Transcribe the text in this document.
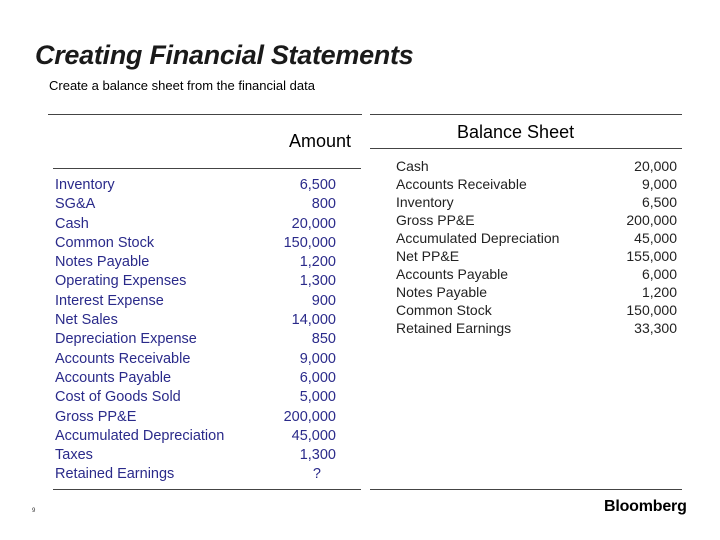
Creating Financial Statements
Create a balance sheet from the financial data
Amount	Balance Sheet
Inventory
SG&A
Cash
Common Stock
Notes Payable
Operating Expenses
Interest Expense
Net Sales
Depreciation Expense
Accounts Receivable
Accounts Payable
Cost of Goods Sold
Gross PP&E
Accumulated Depreciation
Taxes
Retained Earnings
6,500
800
20,000
150,000
1,200
1,300
900
14,000
850
9,000
6,000
5,000
200,000
45,000
1,300
?
Cash
Accounts Receivable
Inventory
Gross PP&E
Accumulated Depreciation
Net PP&E
Accounts Payable
Notes Payable
Common Stock
Retained Earnings
20,000
9,000
6,500
200,000
45,000
155,000
6,000
1,200
150,000
33,300
9	Bloomberg
